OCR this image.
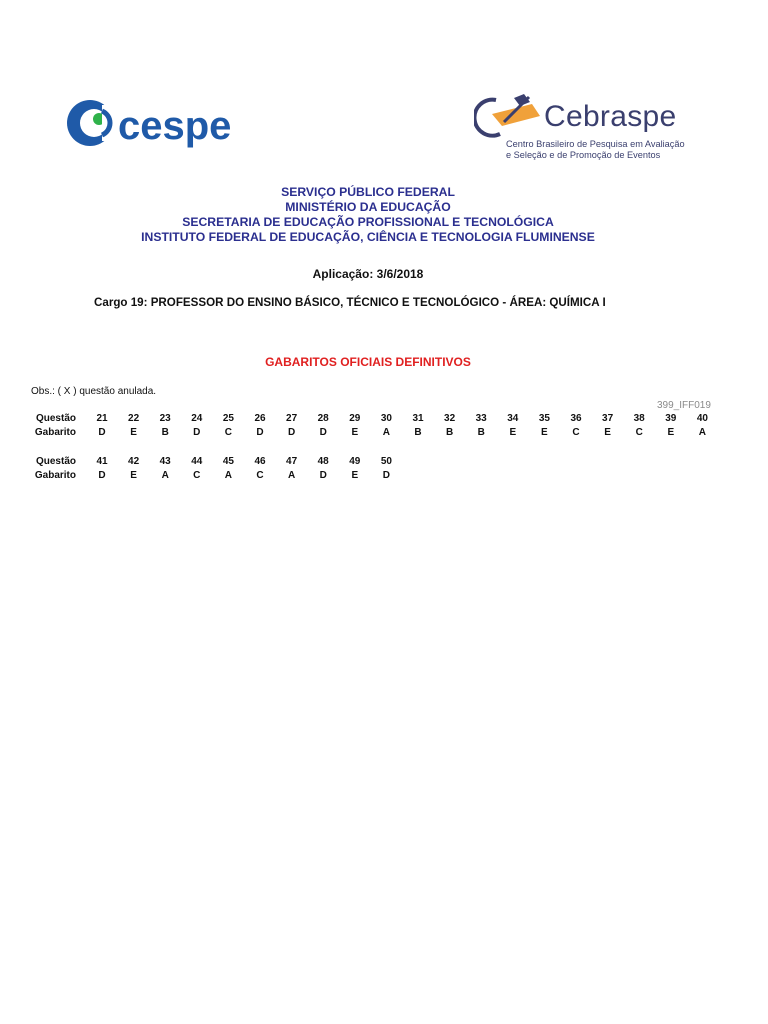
cespe	Cebraspe
Centro Brasileiro de Pesquisa em Avaliação
e Seleção e de Promoção de Eventos
SERVIÇO PÚBLICO FEDERAL
MINISTÉRIO DA EDUCAÇÃO
SECRETARIA DE EDUCAÇÃO PROFISSIONAL E TECNOLÓGICA
INSTITUTO FEDERAL DE EDUCAÇÃO, CIÊNCIA E TECNOLOGIA FLUMINENSE
Aplicação: 3/6/2018
Cargo 19: PROFESSOR DO ENSINO BÁSICO, TÉCNICO E TECNOLÓGICO - ÁREA: QUÍMICA I
GABARITOS OFICIAIS DEFINITIVOS
Obs.: ( X ) questão anulada.
399_IFF019
Questão	21	22	23	24	25	26	27	28	29	30	31	32	33	34	35	36	37	38	39	40
Gabarito	D	E	B	D	C	D	D	D	E	A	B	B	B	E	E	C	E	C	E	A
Questão	41	42	43	44	45	46	47	48	49	50
Gabarito	D	E	A	C	A	C	A	D	E	D
